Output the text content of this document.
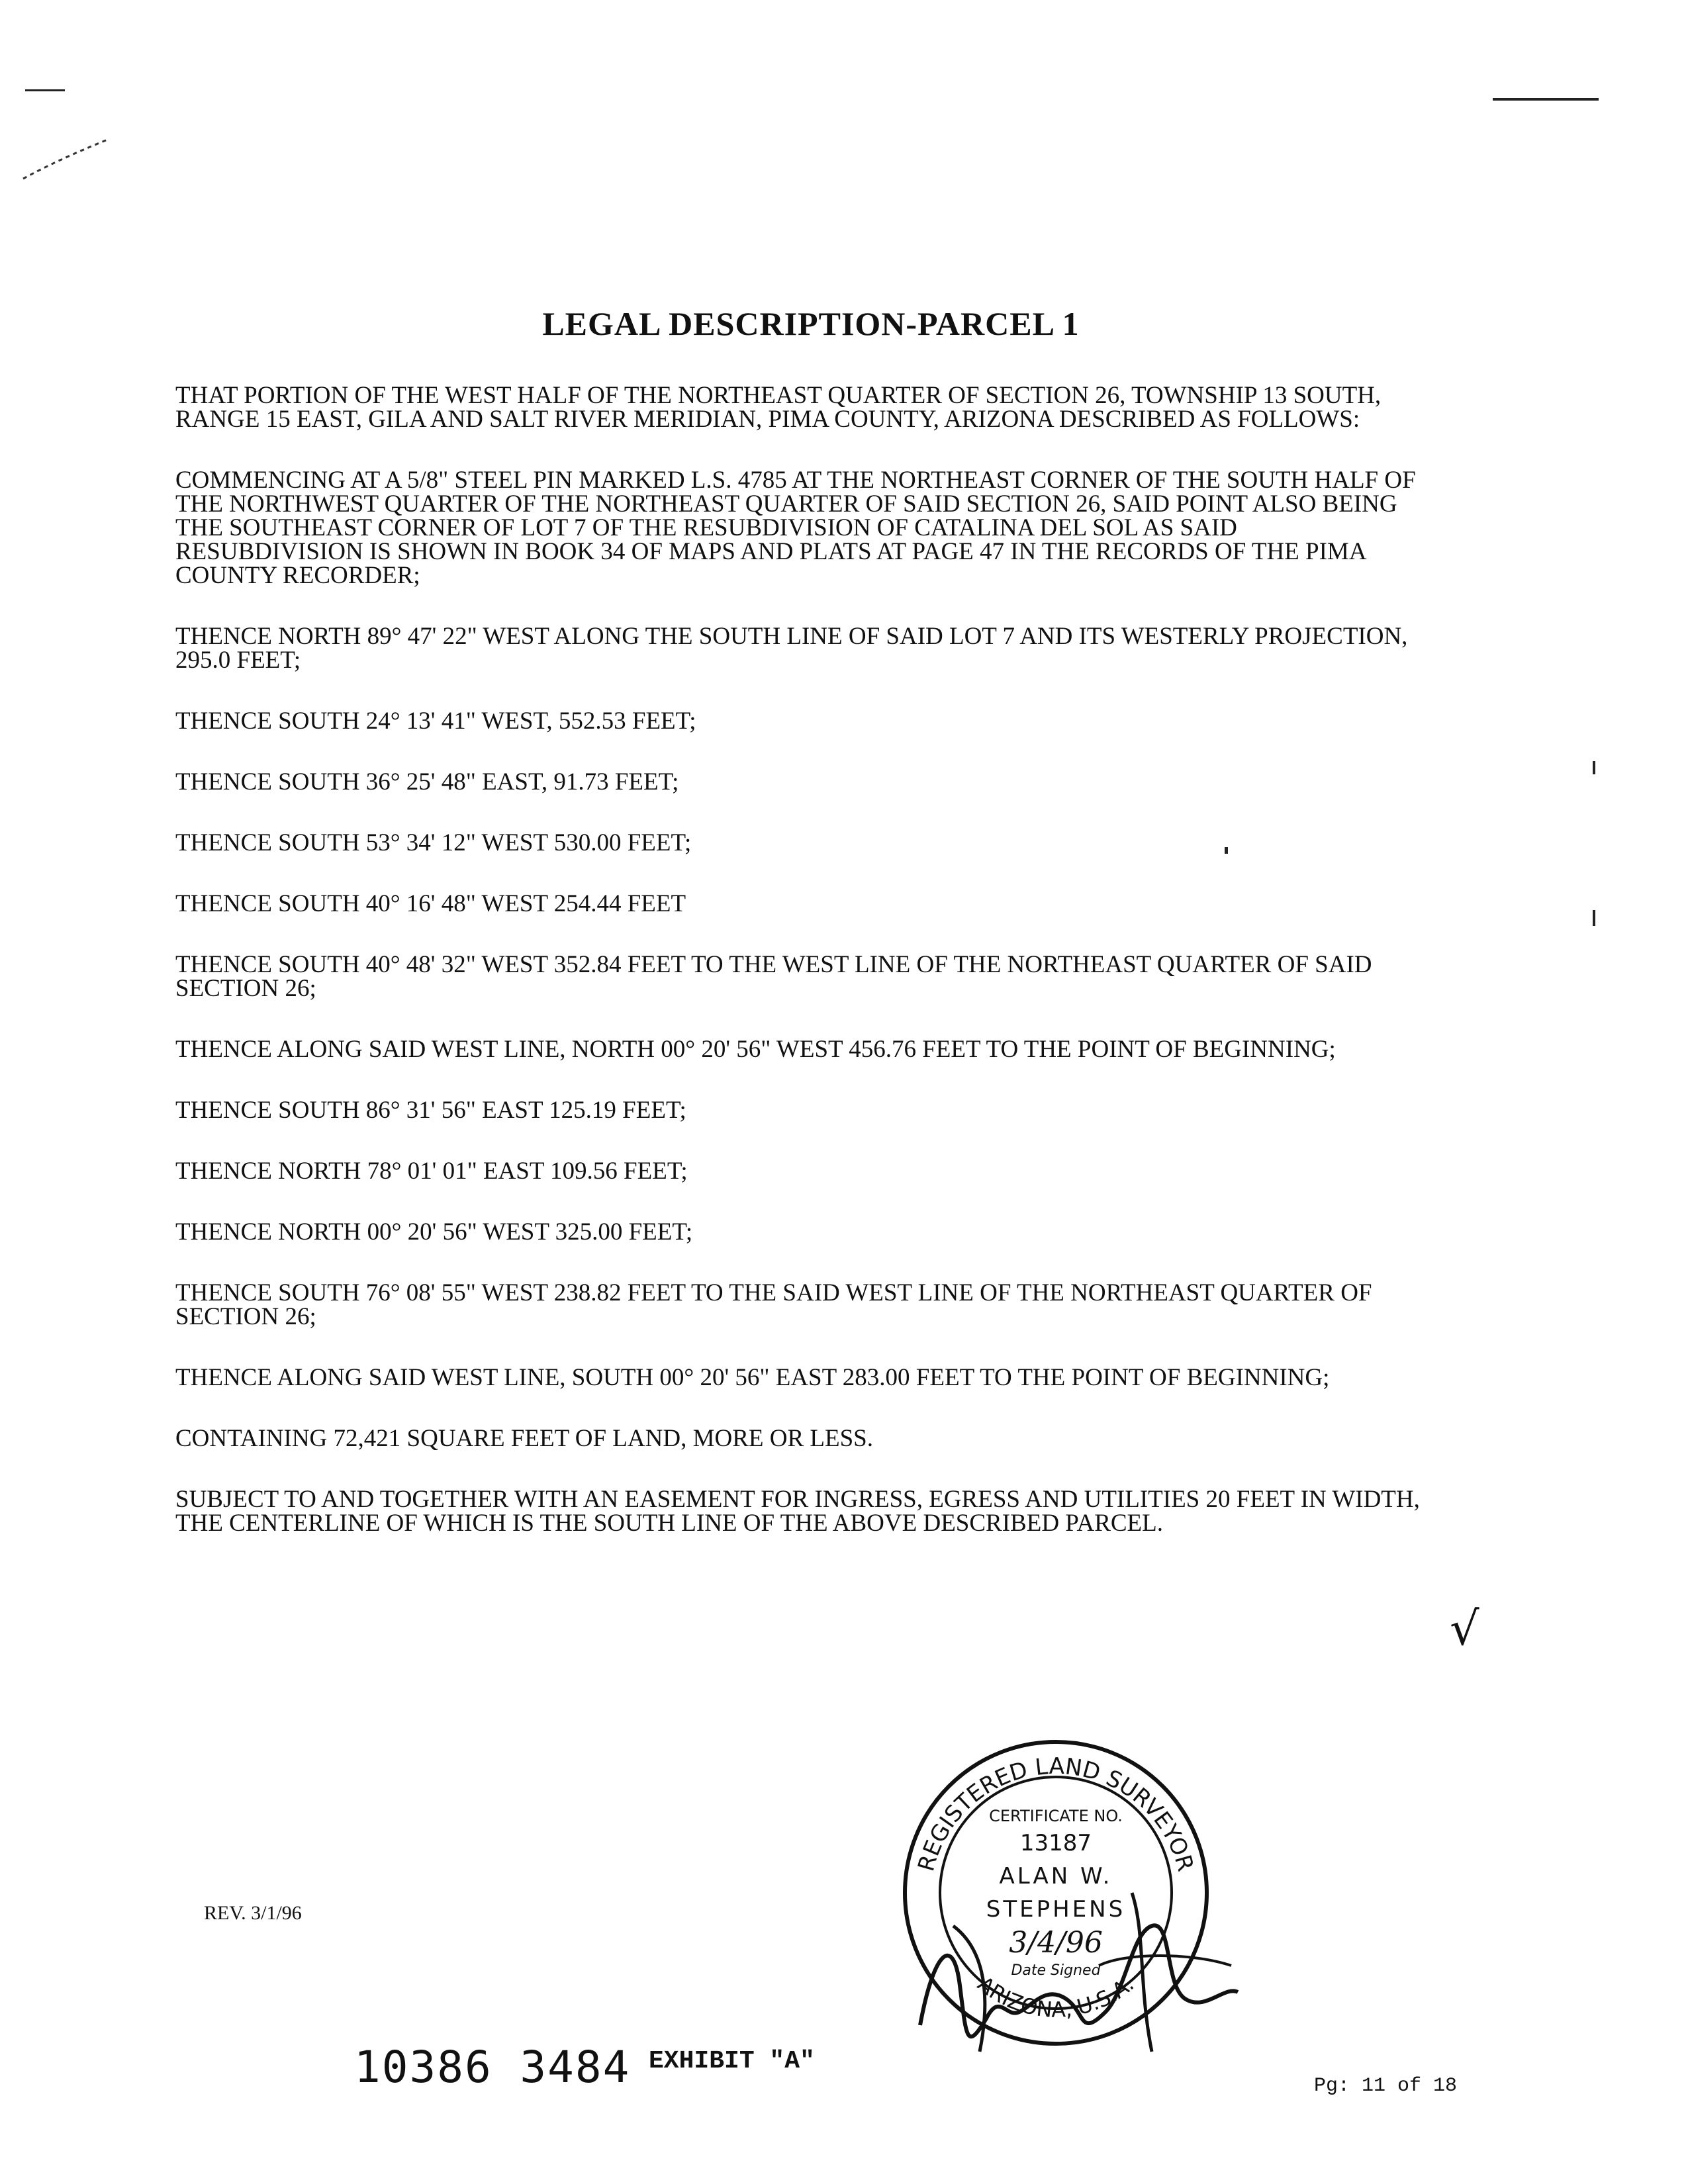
LEGAL DESCRIPTION-PARCEL 1

THAT PORTION OF THE WEST HALF OF THE NORTHEAST QUARTER OF SECTION 26, TOWNSHIP 13 SOUTH, RANGE 15 EAST, GILA AND SALT RIVER MERIDIAN, PIMA COUNTY, ARIZONA DESCRIBED AS FOLLOWS:

COMMENCING AT A 5/8" STEEL PIN MARKED L.S. 4785 AT THE NORTHEAST CORNER OF THE SOUTH HALF OF THE NORTHWEST QUARTER OF THE NORTHEAST QUARTER OF SAID SECTION 26, SAID POINT ALSO BEING THE SOUTHEAST CORNER OF LOT 7 OF THE RESUBDIVISION OF CATALINA DEL SOL AS SAID RESUBDIVISION IS SHOWN IN BOOK 34 OF MAPS AND PLATS AT PAGE 47 IN THE RECORDS OF THE PIMA COUNTY RECORDER;

THENCE NORTH 89° 47' 22" WEST ALONG THE SOUTH LINE OF SAID LOT 7 AND ITS WESTERLY PROJECTION, 295.0 FEET;

THENCE SOUTH 24° 13' 41" WEST, 552.53 FEET;

THENCE SOUTH 36° 25' 48" EAST, 91.73 FEET;

THENCE SOUTH 53° 34' 12" WEST 530.00 FEET;

THENCE SOUTH 40° 16' 48" WEST 254.44 FEET

THENCE SOUTH 40° 48' 32" WEST 352.84 FEET TO THE WEST LINE OF THE NORTHEAST QUARTER OF SAID SECTION 26;

THENCE ALONG SAID WEST LINE, NORTH 00° 20' 56" WEST 456.76 FEET TO THE POINT OF BEGINNING;

THENCE SOUTH 86° 31' 56" EAST 125.19 FEET;

THENCE NORTH 78° 01' 01" EAST 109.56 FEET;

THENCE NORTH 00° 20' 56" WEST 325.00 FEET;

THENCE SOUTH 76° 08' 55" WEST 238.82 FEET TO THE SAID WEST LINE OF THE NORTHEAST QUARTER OF SECTION 26;

THENCE ALONG SAID WEST LINE, SOUTH 00° 20' 56" EAST 283.00 FEET TO THE POINT OF BEGINNING;

CONTAINING 72,421 SQUARE FEET OF LAND, MORE OR LESS.

SUBJECT TO AND TOGETHER WITH AN EASEMENT FOR INGRESS, EGRESS AND UTILITIES 20 FEET IN WIDTH, THE CENTERLINE OF WHICH IS THE SOUTH LINE OF THE ABOVE DESCRIBED PARCEL.

√
REV. 3/1/96
REGISTERED LAND SURVEYOR
ARIZONA, U.S.A.
CERTIFICATE NO.
13187
ALAN W.
STEPHENS
3/4/96
Date Signed
10386 3484 EXHIBIT "A"
Pg: 11 of 18
